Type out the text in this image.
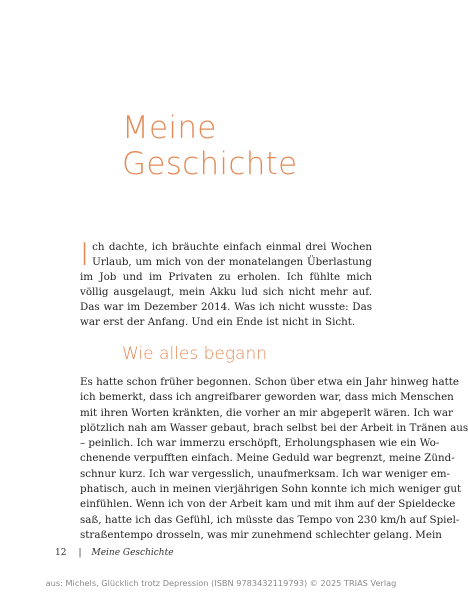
Meine
Geschichte
Ich dachte, ich bräuchte einfach einmal drei Wochen Urlaub, um mich von der monatelangen Überlastung im Job und im Privaten zu erholen. Ich fühlte mich völlig ausgelaugt, mein Akku lud sich nicht mehr auf. Das war im Dezember 2014. Was ich nicht wusste: Das war erst der Anfang. Und ein Ende ist nicht in Sicht.
Wie alles begann
Es hatte schon früher begonnen. Schon über etwa ein Jahr hinweg hatte
ich bemerkt, dass ich angreifbarer geworden war, dass mich Menschen
mit ihren Worten kränkten, die vorher an mir abgeperlt wären. Ich war
plötzlich nah am Wasser gebaut, brach selbst bei der Arbeit in Tränen aus
– peinlich. Ich war immerzu erschöpft, Erholungsphasen wie ein Wo-
chenende verpufften einfach. Meine Geduld war begrenzt, meine Zünd-
schnur kurz. Ich war vergesslich, unaufmerksam. Ich war weniger em-
phatisch, auch in meinen vierjährigen Sohn konnte ich mich weniger gut
einfühlen. Wenn ich von der Arbeit kam und mit ihm auf der Spieldecke
saß, hatte ich das Gefühl, ich müsste das Tempo von 230 km/h auf Spiel-
straßentempo drosseln, was mir zunehmend schlechter gelang. Mein
12 | Meine Geschichte
aus: Michels, Glücklich trotz Depression (ISBN 9783432119793) © 2025 TRIAS Verlag
